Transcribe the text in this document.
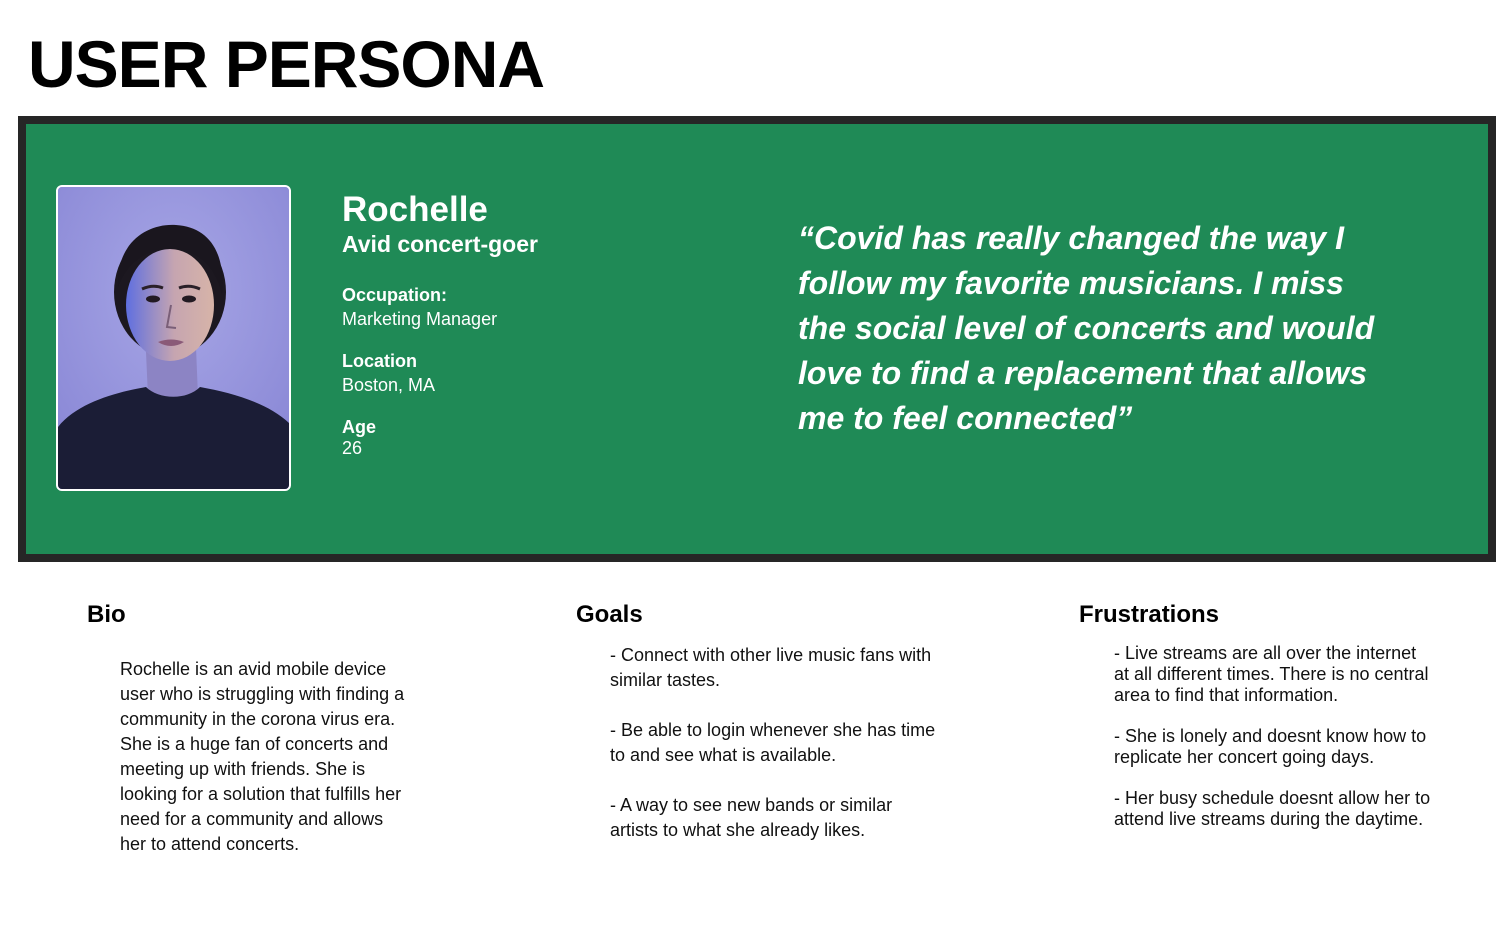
USER PERSONA

Rochelle

Avid concert-goer

Occupation:
Marketing Manager
Location
Boston, MA
Age
26

“Covid has really changed the way I follow my favorite musicians. I miss the social level of concerts and would love to find a replacement that allows me to feel connected”

Bio

Rochelle is an avid mobile device user who is struggling with finding a community in the corona virus era. She is a huge fan of concerts and meeting up with friends. She is looking for a solution that fulfills her need for a community and allows her to attend concerts.

Goals

- Connect with other live music fans with similar tastes.

- Be able to login whenever she has time to and see what is available.

- A way to see new bands or similar artists to what she already likes.

Frustrations

- Live streams are all over the internet at all different times. There is no central area to find that information.

- She is lonely and doesnt know how to replicate her concert going days.

- Her busy schedule doesnt allow her to attend live streams during the daytime.
